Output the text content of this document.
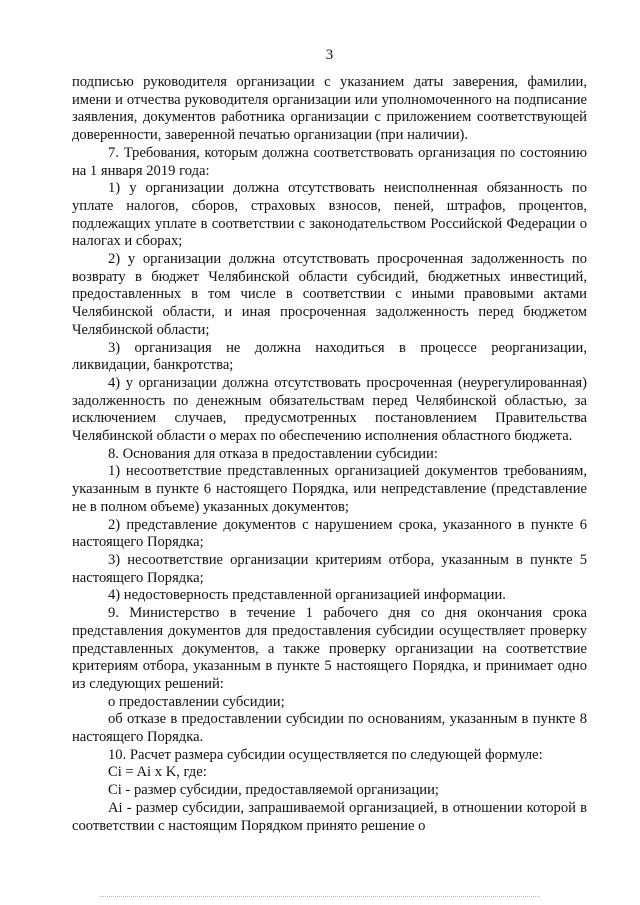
3

подписью руководителя организации с указанием даты заверения, фамилии, имени и отчества руководителя организации или уполномоченного на подписание заявления, документов работника организации с приложением соответствующей доверенности, заверенной печатью организации (при наличии).

7. Требования, которым должна соответствовать организация по состоянию на 1 января 2019 года:

1) у организации должна отсутствовать неисполненная обязанность по уплате налогов, сборов, страховых взносов, пеней, штрафов, процентов, подлежащих уплате в соответствии с законодательством Российской Федерации о налогах и сборах;

2) у организации должна отсутствовать просроченная задолженность по возврату в бюджет Челябинской области субсидий, бюджетных инвестиций, предоставленных в том числе в соответствии с иными правовыми актами Челябинской области, и иная просроченная задолженность перед бюджетом Челябинской области;

3) организация не должна находиться в процессе реорганизации, ликвидации, банкротства;

4) у организации должна отсутствовать просроченная (неурегулированная) задолженность по денежным обязательствам перед Челябинской областью, за исключением случаев, предусмотренных постановлением Правительства Челябинской области о мерах по обеспечению исполнения областного бюджета.

8. Основания для отказа в предоставлении субсидии:

1) несоответствие представленных организацией документов требованиям, указанным в пункте 6 настоящего Порядка, или непредставление (представление не в полном объеме) указанных документов;

2) представление документов с нарушением срока, указанного в пункте 6 настоящего Порядка;

3) несоответствие организации критериям отбора, указанным в пункте 5 настоящего Порядка;

4) недостоверность представленной организацией информации.

9. Министерство в течение 1 рабочего дня со дня окончания срока представления документов для предоставления субсидии осуществляет проверку представленных документов, а также проверку организации на соответствие критериям отбора, указанным в пункте 5 настоящего Порядка, и принимает одно из следующих решений:

о предоставлении субсидии;

об отказе в предоставлении субсидии по основаниям, указанным в пункте 8 настоящего Порядка.

10. Расчет размера субсидии осуществляется по следующей формуле:

Ci = Ai x K, где:

Ci - размер субсидии, предоставляемой организации;

Ai - размер субсидии, запрашиваемой организацией, в отношении которой в соответствии с настоящим Порядком принято решение о
